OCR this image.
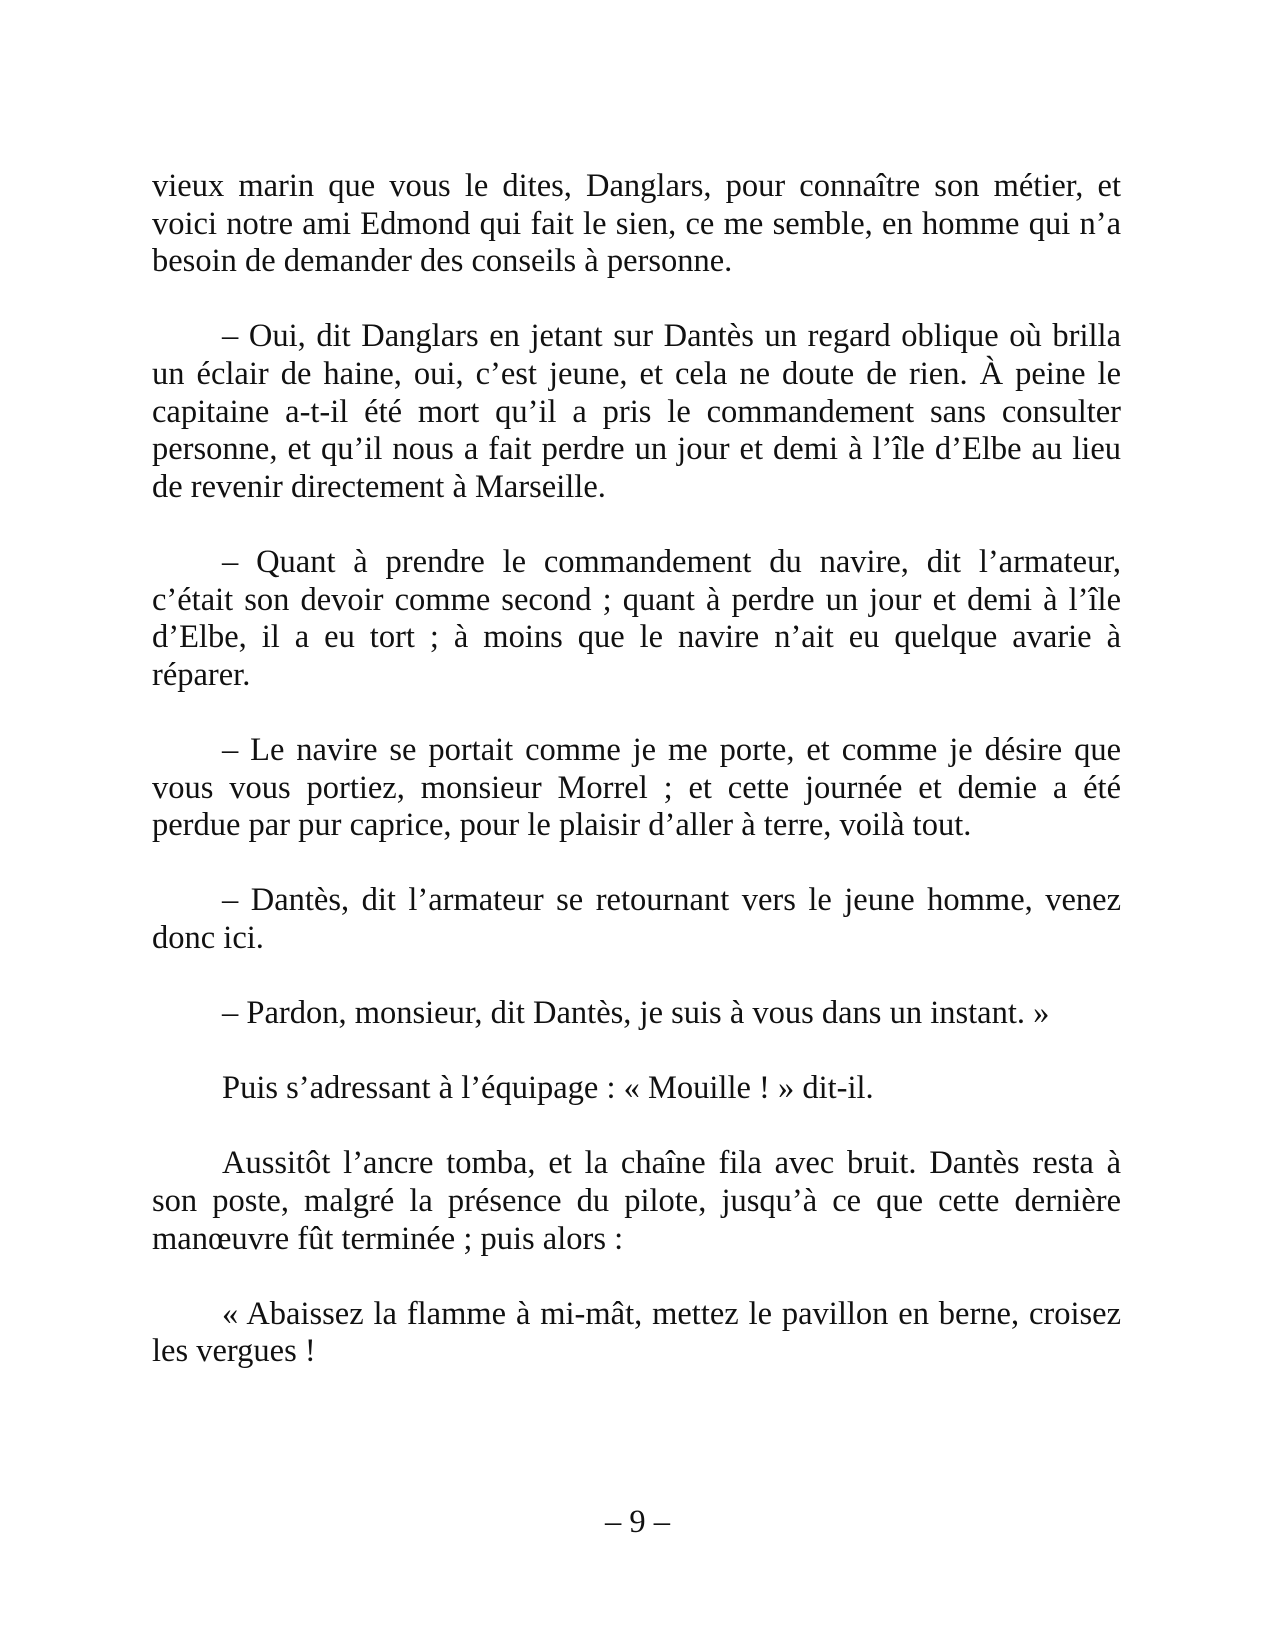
vieux marin que vous le dites, Danglars, pour connaître son métier, et voici notre ami Edmond qui fait le sien, ce me semble, en homme qui n’a besoin de demander des conseils à personne.

– Oui, dit Danglars en jetant sur Dantès un regard oblique où brilla un éclair de haine, oui, c’est jeune, et cela ne doute de rien. À peine le capitaine a-t-il été mort qu’il a pris le commandement sans consulter personne, et qu’il nous a fait perdre un jour et demi à l’île d’Elbe au lieu de revenir directement à Marseille.

– Quant à prendre le commandement du navire, dit l’armateur, c’était son devoir comme second ; quant à perdre un jour et demi à l’île d’Elbe, il a eu tort ; à moins que le navire n’ait eu quelque avarie à réparer.

– Le navire se portait comme je me porte, et comme je désire que vous vous portiez, monsieur Morrel ; et cette journée et demie a été perdue par pur caprice, pour le plaisir d’aller à terre, voilà tout.

– Dantès, dit l’armateur se retournant vers le jeune homme, venez donc ici.

– Pardon, monsieur, dit Dantès, je suis à vous dans un instant. »

Puis s’adressant à l’équipage : « Mouille ! » dit-il.

Aussitôt l’ancre tomba, et la chaîne fila avec bruit. Dantès resta à son poste, malgré la présence du pilote, jusqu’à ce que cette dernière manœuvre fût terminée ; puis alors :

« Abaissez la flamme à mi-mât, mettez le pavillon en berne, croisez les vergues !

– 9 –
